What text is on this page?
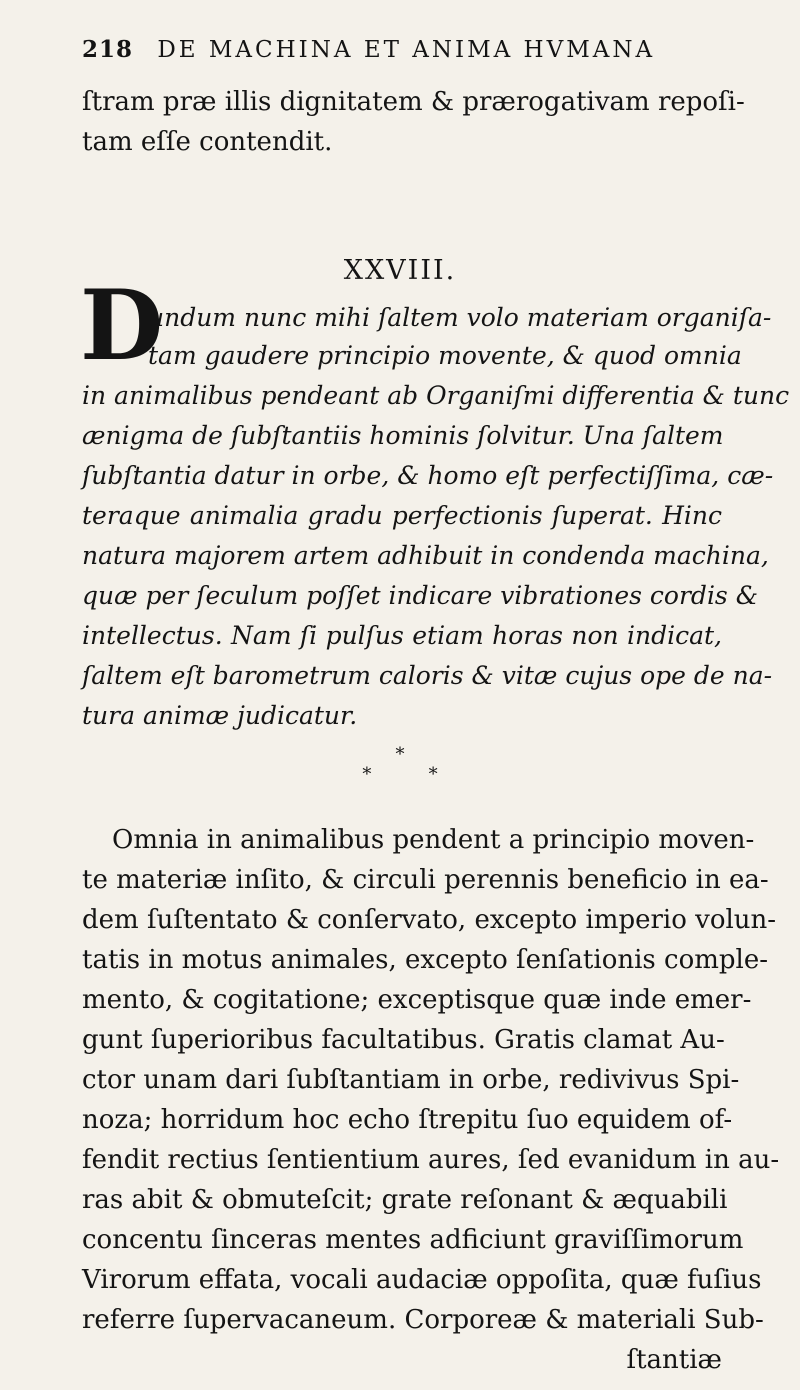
218 DE MACHINA ET ANIMA HVMANA
ſtram præ illis dignitatem & prærogativam repoſi-
tam eſſe contendit.
XXVIII.
D
undum nunc mihi ſaltem volo materiam organiſa-
tam gaudere principio movente, & quod omnia
in animalibus pendeant ab Organiſmi differentia & tunc
ænigma de ſubſtantiis hominis ſolvitur. Una ſaltem
ſubſtantia datur in orbe, & homo eſt perfectiſſima, cæ-
teraque animalia gradu perfectionis ſuperat. Hinc
natura majorem artem adhibuit in condenda machina,
quæ per ſeculum poſſet indicare vibrationes cordis &
intellectus. Nam ſi pulſus etiam horas non indicat,
ſaltem eſt barometrum caloris & vitæ cujus ope de na-
tura animæ judicatur.
*
*          *
Omnia in animalibus pendent a principio moven-
te materiæ inſito, & circuli perennis beneficio in ea-
dem ſuſtentato & conſervato, excepto imperio volun-
tatis in motus animales, excepto ſenſationis comple-
mento, & cogitatione; exceptisque quæ inde emer-
gunt ſuperioribus facultatibus. Gratis clamat Au-
ctor unam dari ſubſtantiam in orbe, redivivus Spi-
noza; horridum hoc echo ſtrepitu ſuo equidem of-
fendit rectius ſentientium aures, ſed evanidum in au-
ras abit & obmuteſcit; grate reſonant & æquabili
concentu ſinceras mentes adficiunt graviſſimorum
Virorum effata, vocali audaciæ oppoſita, quæ fuſius
referre ſupervacaneum. Corporeæ & materiali Sub-
ſtantiæ
